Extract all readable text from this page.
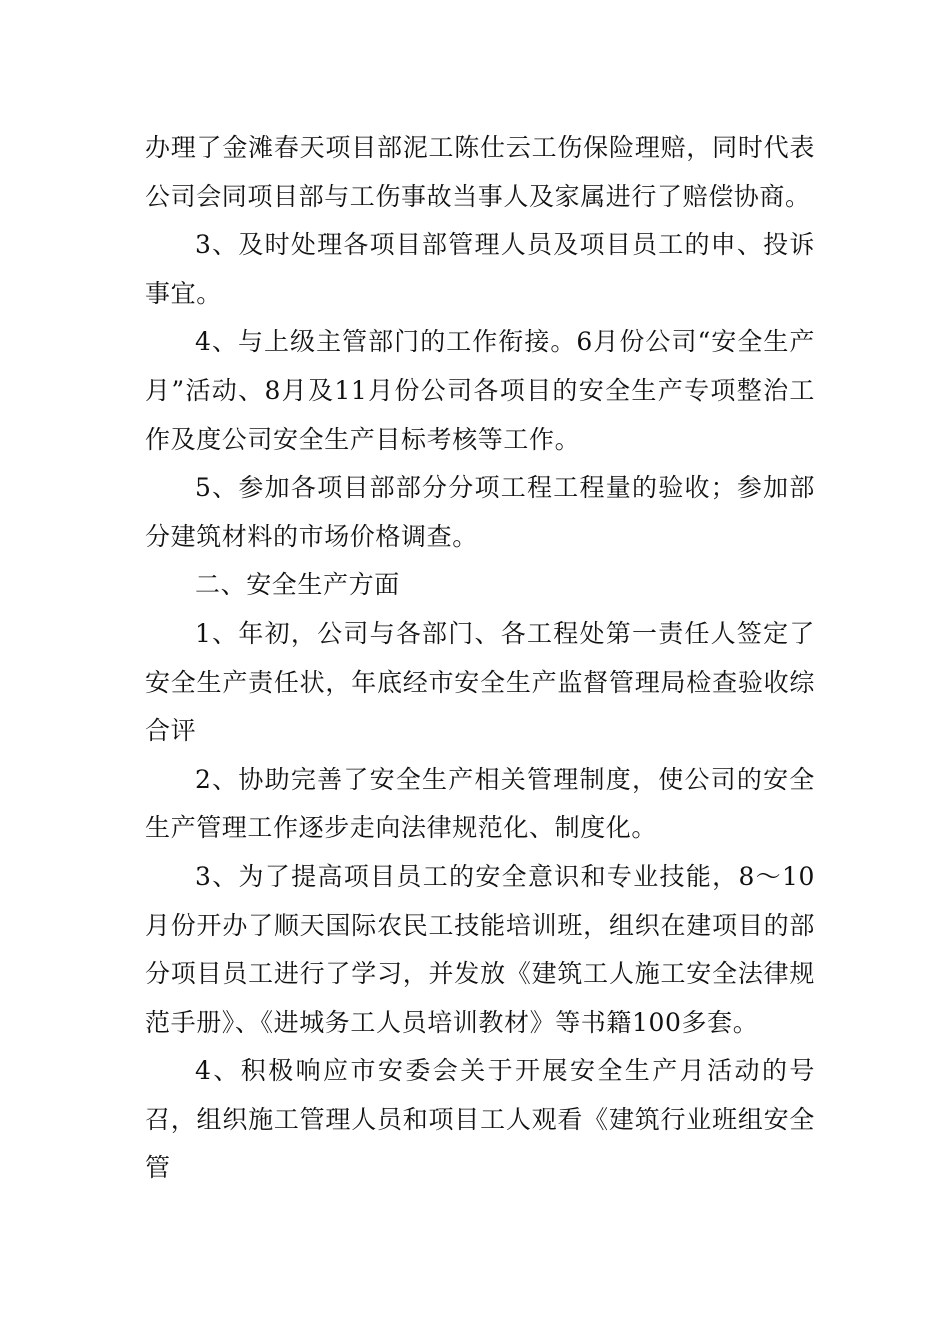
办理了金滩春天项目部泥工陈仕云工伤保险理赔，同时代表公司会同项目部与工伤事故当事人及家属进行了赔偿协商。

3、及时处理各项目部管理人员及项目员工的申、投诉事宜。

4、与上级主管部门的工作衔接。6月份公司“安全生产月”活动、8月及11月份公司各项目的安全生产专项整治工作及度公司安全生产目标考核等工作。

5、参加各项目部部分分项工程工程量的验收；参加部分建筑材料的市场价格调查。

二、安全生产方面

1、年初，公司与各部门、各工程处第一责任人签定了安全生产责任状，年底经市安全生产监督管理局检查验收综合评

2、协助完善了安全生产相关管理制度，使公司的安全生产管理工作逐步走向法律规范化、制度化。

3、为了提高项目员工的安全意识和专业技能，8～10月份开办了顺天国际农民工技能培训班，组织在建项目的部分项目员工进行了学习，并发放《建筑工人施工安全法律规范手册》、《进城务工人员培训教材》等书籍100多套。

4、积极响应市安委会关于开展安全生产月活动的号召，组织施工管理人员和项目工人观看《建筑行业班组安全管
